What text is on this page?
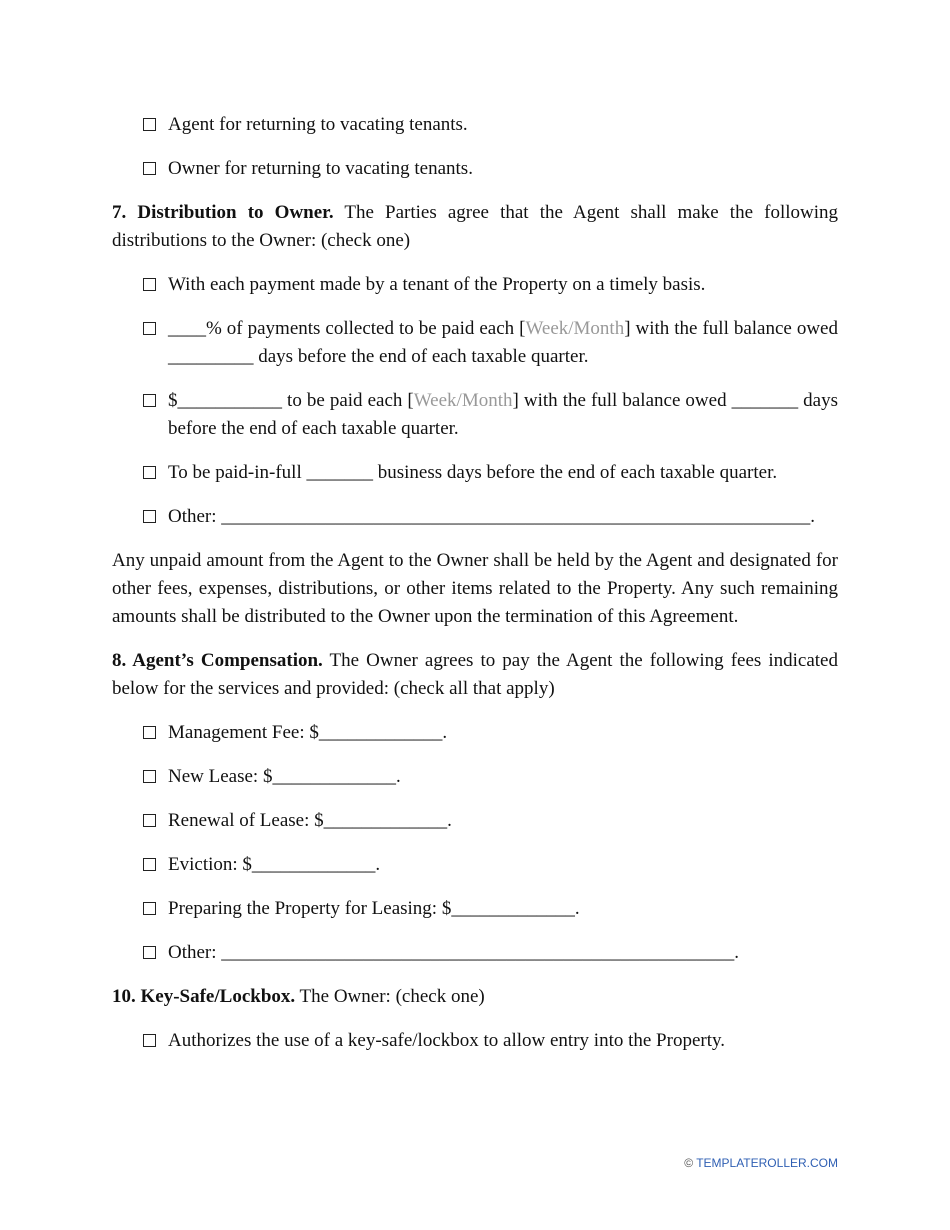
Agent for returning to vacating tenants.
Owner for returning to vacating tenants.

7. Distribution to Owner. The Parties agree that the Agent shall make the following distributions to the Owner: (check one)

With each payment made by a tenant of the Property on a timely basis.
____% of payments collected to be paid each [Week/Month] with the full balance owed _________ days before the end of each taxable quarter.
$___________ to be paid each [Week/Month] with the full balance owed _______ days before the end of each taxable quarter.
To be paid-in-full _______ business days before the end of each taxable quarter.
Other: ______________________________________________________________.

Any unpaid amount from the Agent to the Owner shall be held by the Agent and designated for other fees, expenses, distributions, or other items related to the Property. Any such remaining amounts shall be distributed to the Owner upon the termination of this Agreement.

8. Agent’s Compensation. The Owner agrees to pay the Agent the following fees indicated below for the services and provided: (check all that apply)

Management Fee: $_____________.
New Lease: $_____________.
Renewal of Lease: $_____________.
Eviction: $_____________.
Preparing the Property for Leasing: $_____________.
Other: ______________________________________________________.

10. Key-Safe/Lockbox. The Owner: (check one)

Authorizes the use of a key-safe/lockbox to allow entry into the Property.
© TEMPLATEROLLER.COM
